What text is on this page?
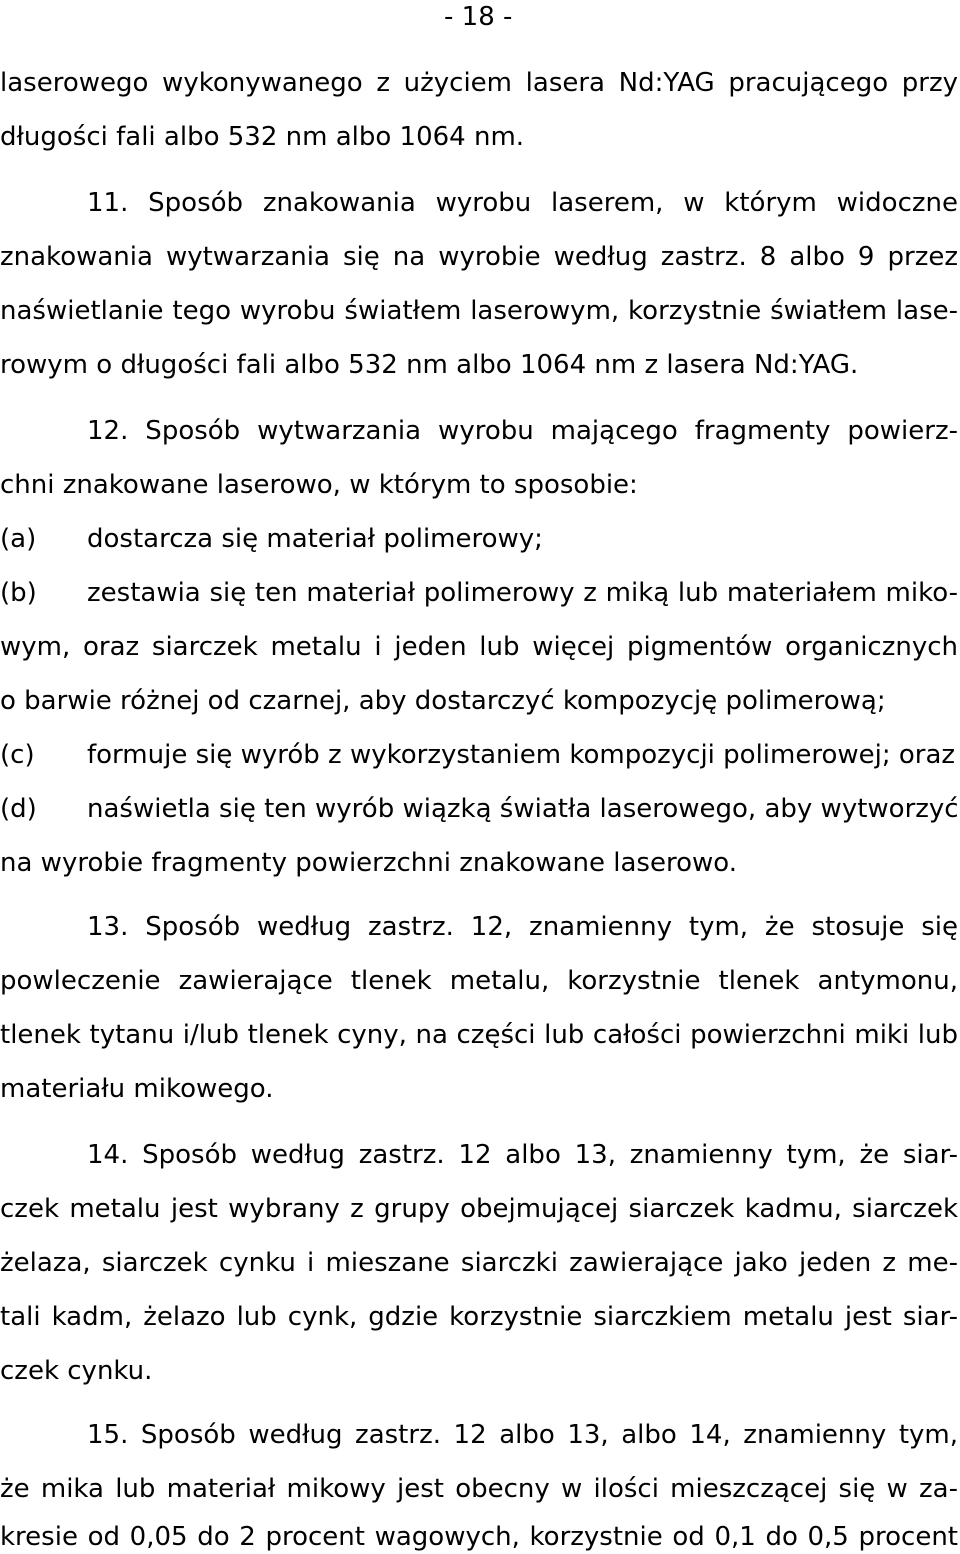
- 18 -
laserowego wykonywanego z użyciem lasera Nd:YAG pracującego przy
długości fali albo 532 nm albo 1064 nm.
11. Sposób znakowania wyrobu laserem, w którym widoczne
znakowania wytwarzania się na wyrobie według zastrz. 8 albo 9 przez
naświetlanie tego wyrobu światłem laserowym, korzystnie światłem lase-
rowym o długości fali albo 532 nm albo 1064 nm z lasera Nd:YAG.
12. Sposób wytwarzania wyrobu mającego fragmenty powierz-
chni znakowane laserowo, w którym to sposobie:
(a) dostarcza się materiał polimerowy;
(b) zestawia się ten materiał polimerowy z miką lub materiałem miko-
wym, oraz siarczek metalu i jeden lub więcej pigmentów organicznych
o barwie różnej od czarnej, aby dostarczyć kompozycję polimerową;
(c) formuje się wyrób z wykorzystaniem kompozycji polimerowej; oraz
(d) naświetla się ten wyrób wiązką światła laserowego, aby wytworzyć
na wyrobie fragmenty powierzchni znakowane laserowo.
13. Sposób według zastrz. 12, znamienny tym, że stosuje się
powleczenie zawierające tlenek metalu, korzystnie tlenek antymonu,
tlenek tytanu i/lub tlenek cyny, na części lub całości powierzchni miki lub
materiału mikowego.
14. Sposób według zastrz. 12 albo 13, znamienny tym, że siar-
czek metalu jest wybrany z grupy obejmującej siarczek kadmu, siarczek
żelaza, siarczek cynku i mieszane siarczki zawierające jako jeden z me-
tali kadm, żelazo lub cynk, gdzie korzystnie siarczkiem metalu jest siar-
czek cynku.
15. Sposób według zastrz. 12 albo 13, albo 14, znamienny tym,
że mika lub materiał mikowy jest obecny w ilości mieszczącej się w za-
kresie od 0,05 do 2 procent wagowych, korzystnie od 0,1 do 0,5 procent
